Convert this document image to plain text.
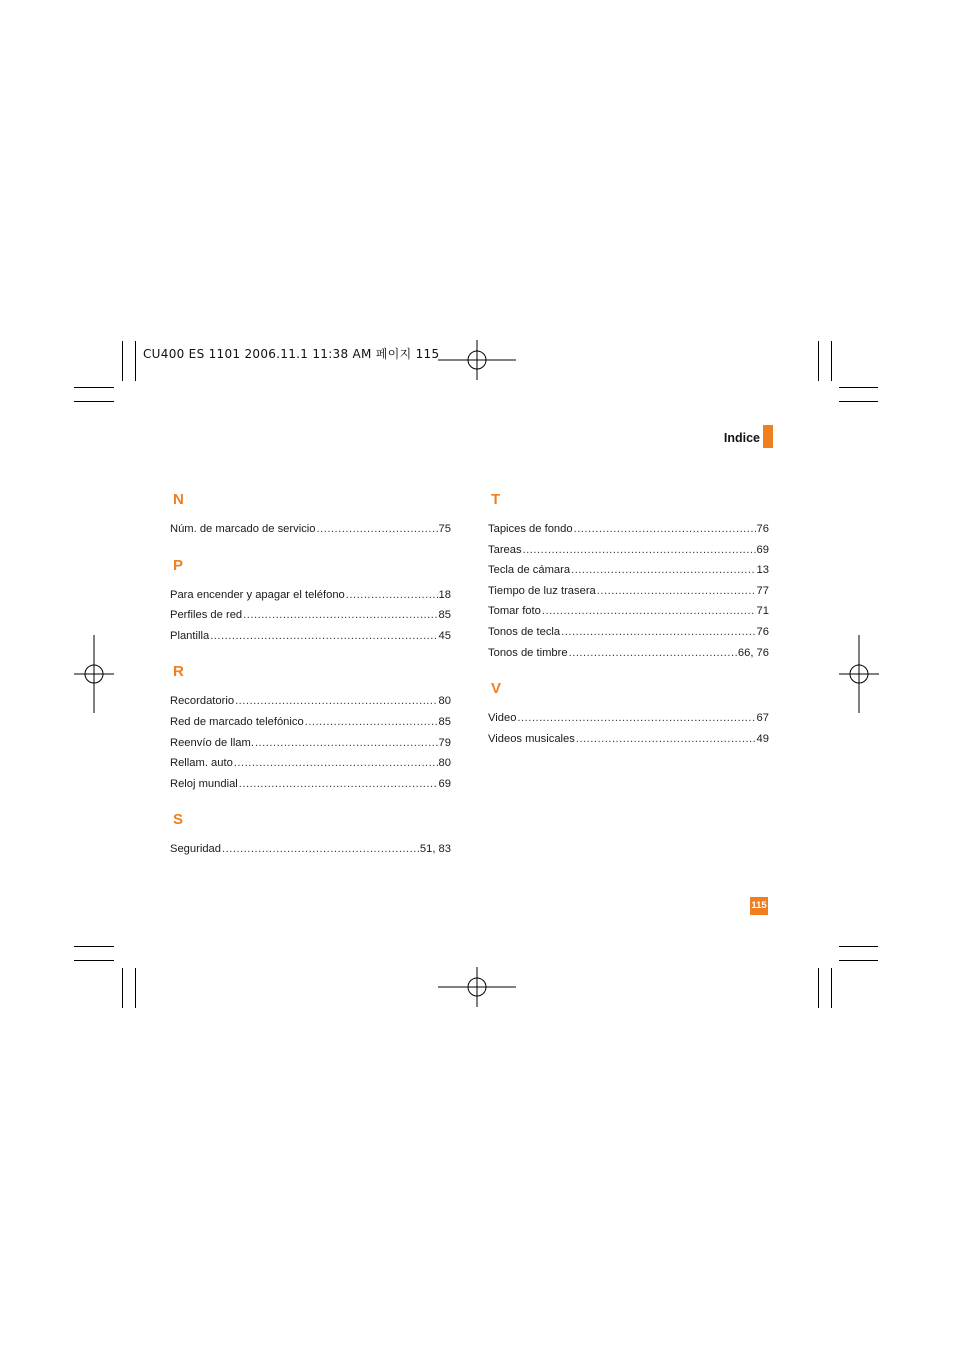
CU400 ES 1101 2006.11.1 11:38 AM 페이지 115
Indice
N
Núm. de marcado de servicio .....	75
P
Para encender y apagar el teléfono .....	18
Perfiles de red .....	85
Plantilla .....	45
R
Recordatorio .....	80
Red de marcado telefónico .....	85
Reenvío de llam. .....	79
Rellam. auto .....	80
Reloj mundial .....	69
S
Seguridad .....	51, 83
T
Tapices de fondo .....	76
Tareas .....	69
Tecla de cámara .....	13
Tiempo de luz trasera .....	77
Tomar foto .....	71
Tonos de tecla .....	76
Tonos de timbre .....	66, 76
V
Video .....	67
Videos musicales .....	49
115
